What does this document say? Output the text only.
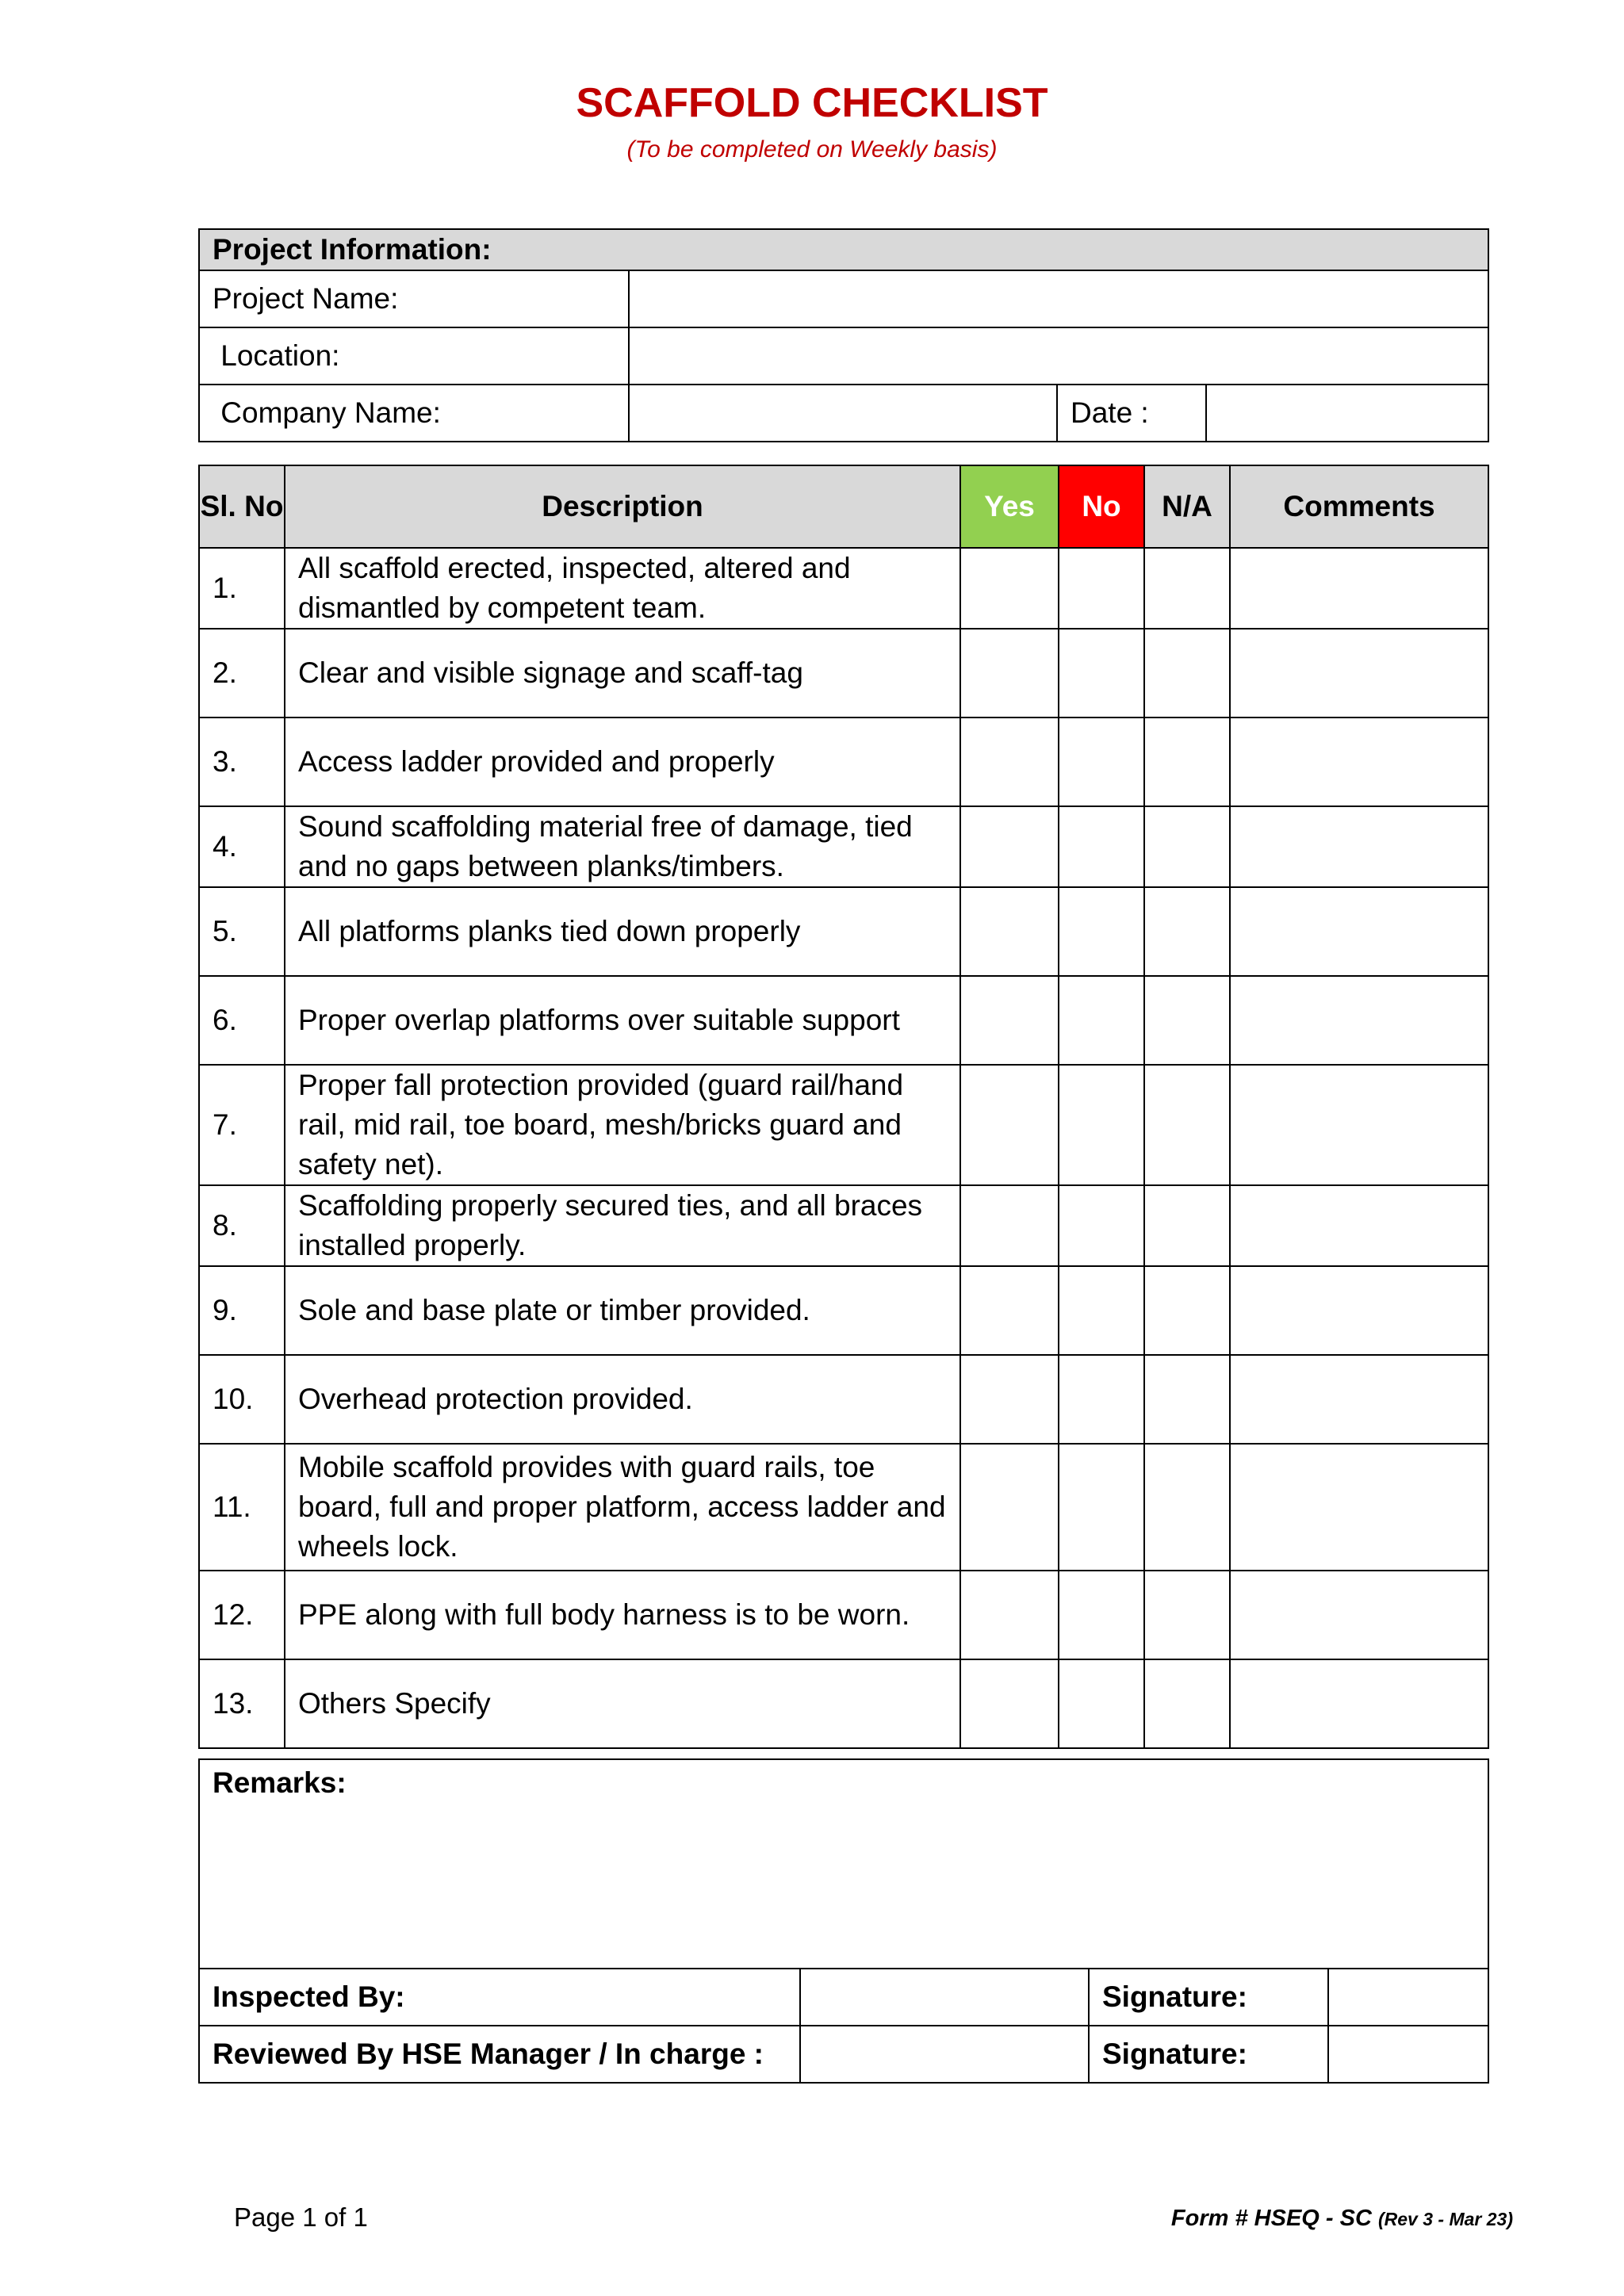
SCAFFOLD CHECKLIST
(To be completed on Weekly basis)
Project Information:			
Project Name:			
Location:			
Company Name:		Date :	
Sl. No	Description	Yes	No	N/A	Comments
1.	All scaffold erected, inspected, altered and dismantled by competent team.				
2.	Clear and visible signage and scaff-tag				
3.	Access ladder provided and properly				
4.	Sound scaffolding material free of damage, tied and no gaps between planks/timbers.				
5.	All platforms planks tied down properly				
6.	Proper overlap platforms over suitable support				
7.	Proper fall protection provided (guard rail/hand rail, mid rail, toe board, mesh/bricks guard and safety net).				
8.	Scaffolding properly secured ties, and all braces installed properly.				
9.	Sole and base plate or timber provided.				
10.	Overhead protection provided.				
11.	Mobile scaffold provides with guard rails, toe board, full and proper platform, access ladder and wheels lock.				
12.	PPE along with full body harness is to be worn.				
13.	Others Specify				
Remarks:			
Inspected By:		Signature:	
Reviewed By HSE Manager / In charge :		Signature:	
Page 1 of 1	Form # HSEQ - SC (Rev 3 - Mar 23)
